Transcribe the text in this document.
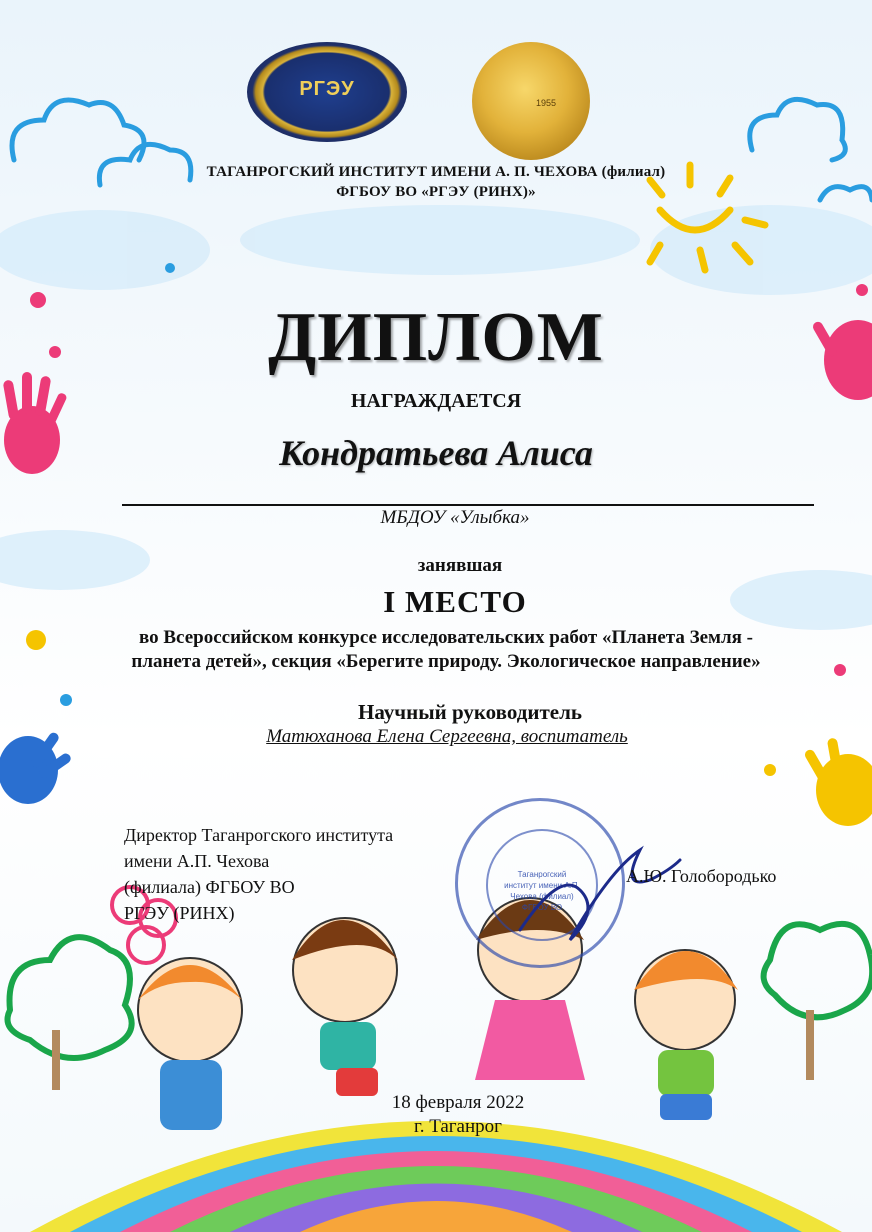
РГЭУ
1955
ТАГАНРОГСКИЙ ИНСТИТУТ ИМЕНИ А. П. ЧЕХОВА (филиал)
ФГБОУ ВО «РГЭУ (РИНХ)»
ДИПЛОМ
НАГРАЖДАЕТСЯ
Кондратьева Алиса
МБДОУ «Улыбка»
занявшая
I МЕСТО
во Всероссийском конкурсе исследовательских работ «Планета Земля -
планета детей», секция «Берегите природу. Экологическое направление»
Научный руководитель
Матюханова Елена Сергеевна, воспитатель
Таганрогский институт имени А.П. Чехова (филиал) ФГБОУ ВО
Директор Таганрогского института
имени А.П. Чехова
(филиала) ФГБОУ ВО
РГЭУ (РИНХ)
А.Ю. Голобородько
18 февраля 2022
г. Таганрог
